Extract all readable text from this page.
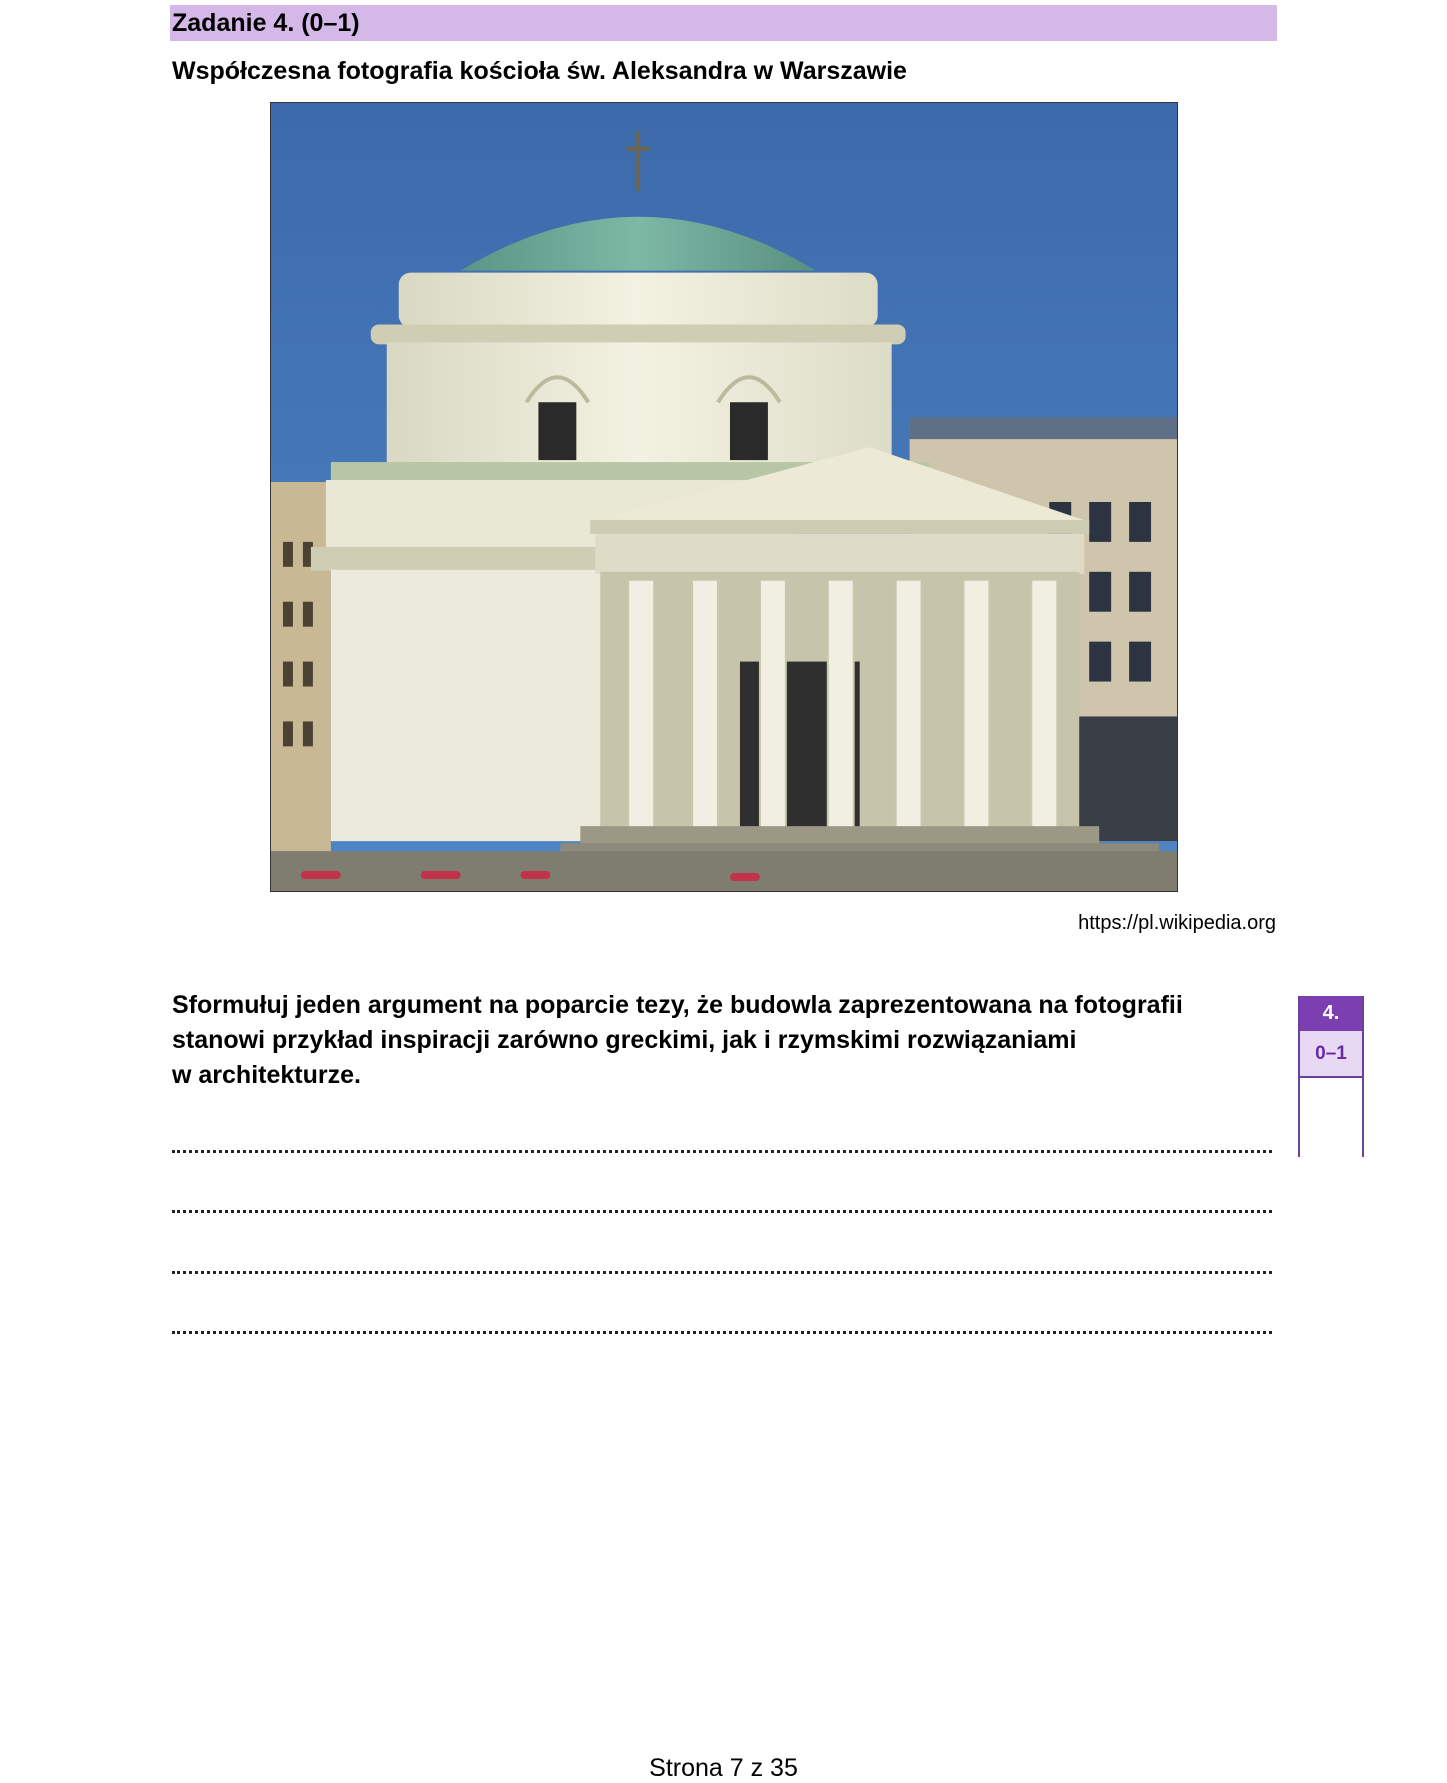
Zadanie 4. (0–1)
Współczesna fotografia kościoła św. Aleksandra w Warszawie
https://pl.wikipedia.org
Sformułuj jeden argument na poparcie tezy, że budowla zaprezentowana na fotografii
stanowi przykład inspiracji zarówno greckimi, jak i rzymskimi rozwiązaniami
w architekturze.
4.
0–1
Strona 7 z 35
